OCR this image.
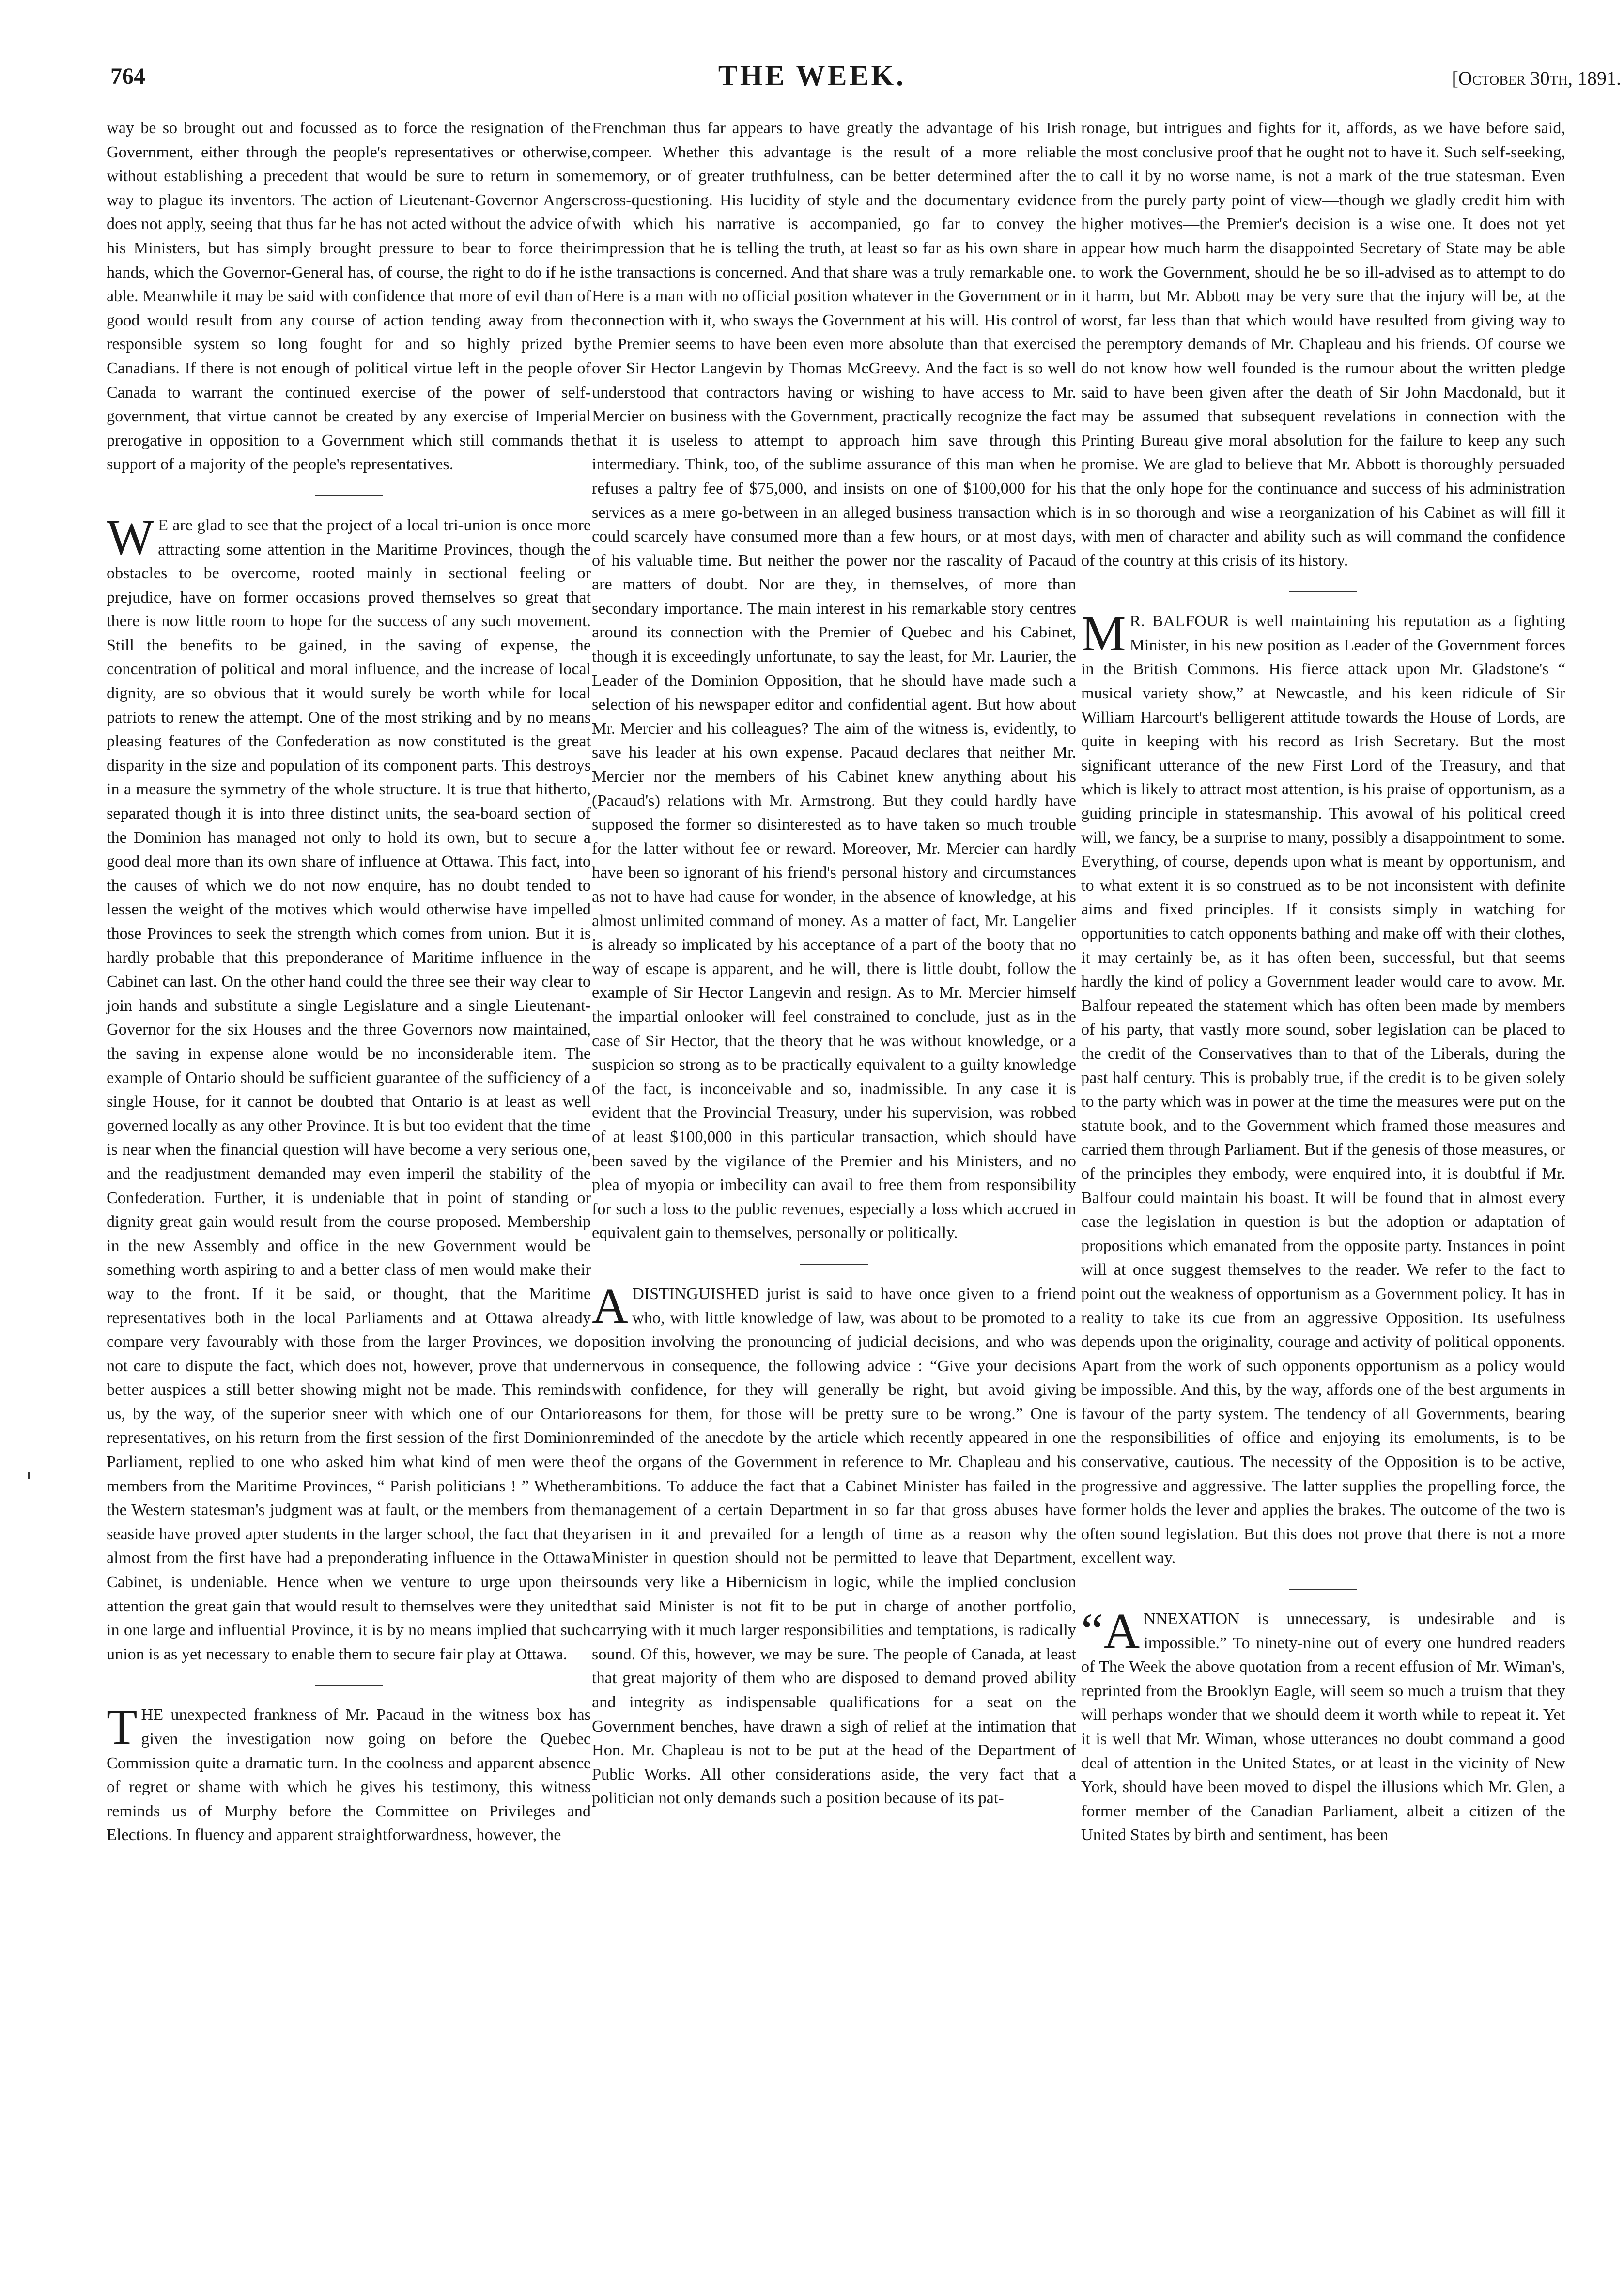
764	THE WEEK.	[October 30th, 1891.

way be so brought out and focussed as to force the resignation of the Government, either through the people's representatives or otherwise, without establishing a precedent that would be sure to return in some way to plague its inventors. The action of Lieutenant-Governor Angers does not apply, seeing that thus far he has not acted without the advice of his Ministers, but has simply brought pressure to bear to force their hands, which the Governor-General has, of course, the right to do if he is able. Meanwhile it may be said with confidence that more of evil than of good would result from any course of action tending away from the responsible system so long fought for and so highly prized by Canadians. If there is not enough of political virtue left in the people of Canada to warrant the continued exercise of the power of self-government, that virtue cannot be created by any exercise of Imperial prerogative in opposition to a Government which still commands the support of a majority of the people's representatives.

W E are glad to see that the project of a local tri-union is once more attracting some attention in the Maritime Provinces, though the obstacles to be overcome, rooted mainly in sectional feeling or prejudice, have on former occasions proved themselves so great that there is now little room to hope for the success of any such movement. Still the benefits to be gained, in the saving of expense, the concentration of political and moral influence, and the increase of local dignity, are so obvious that it would surely be worth while for local patriots to renew the attempt. One of the most striking and by no means pleasing features of the Confederation as now constituted is the great disparity in the size and population of its component parts. This destroys in a measure the symmetry of the whole structure. It is true that hitherto, separated though it is into three distinct units, the sea-board section of the Dominion has managed not only to hold its own, but to secure a good deal more than its own share of influence at Ottawa. This fact, into the causes of which we do not now enquire, has no doubt tended to lessen the weight of the motives which would otherwise have impelled those Provinces to seek the strength which comes from union. But it is hardly probable that this preponderance of Maritime influence in the Cabinet can last. On the other hand could the three see their way clear to join hands and substitute a single Legislature and a single Lieutenant-Governor for the six Houses and the three Governors now maintained, the saving in expense alone would be no inconsiderable item. The example of Ontario should be sufficient guarantee of the sufficiency of a single House, for it cannot be doubted that Ontario is at least as well governed locally as any other Province. It is but too evident that the time is near when the financial question will have become a very serious one, and the readjustment demanded may even imperil the stability of the Confederation. Further, it is undeniable that in point of standing or dignity great gain would result from the course proposed. Membership in the new Assembly and office in the new Government would be something worth aspiring to and a better class of men would make their way to the front. If it be said, or thought, that the Maritime representatives both in the local Parliaments and at Ottawa already compare very favourably with those from the larger Provinces, we do not care to dispute the fact, which does not, however, prove that under better auspices a still better showing might not be made. This reminds us, by the way, of the superior sneer with which one of our Ontario representatives, on his return from the first session of the first Dominion Parliament, replied to one who asked him what kind of men were the members from the Maritime Provinces, “ Parish politicians ! ” Whether the Western statesman's judgment was at fault, or the members from the seaside have proved apter students in the larger school, the fact that they almost from the first have had a preponderating influence in the Ottawa Cabinet, is undeniable. Hence when we venture to urge upon their attention the great gain that would result to themselves were they united in one large and influential Province, it is by no means implied that such union is as yet necessary to enable them to secure fair play at Ottawa.

THE unexpected frankness of Mr. Pacaud in the witness box has given the investigation now going on before the Quebec Commission quite a dramatic turn. In the coolness and apparent absence of regret or shame with which he gives his testimony, this witness reminds us of Murphy before the Committee on Privileges and Elections. In fluency and apparent straightforwardness, however, the

Frenchman thus far appears to have greatly the advantage of his Irish compeer. Whether this advantage is the result of a more reliable memory, or of greater truthfulness, can be better determined after the cross-questioning. His lucidity of style and the documentary evidence with which his narrative is accompanied, go far to convey the impression that he is telling the truth, at least so far as his own share in the transactions is concerned. And that share was a truly remarkable one. Here is a man with no official position whatever in the Government or in connection with it, who sways the Government at his will. His control of the Premier seems to have been even more absolute than that exercised over Sir Hector Langevin by Thomas McGreevy. And the fact is so well understood that contractors having or wishing to have access to Mr. Mercier on business with the Government, practically recognize the fact that it is useless to attempt to approach him save through this intermediary. Think, too, of the sublime assurance of this man when he refuses a paltry fee of $75,000, and insists on one of $100,000 for his services as a mere go-between in an alleged business transaction which could scarcely have consumed more than a few hours, or at most days, of his valuable time. But neither the power nor the rascality of Pacaud are matters of doubt. Nor are they, in themselves, of more than secondary importance. The main interest in his remarkable story centres around its connection with the Premier of Quebec and his Cabinet, though it is exceedingly unfortunate, to say the least, for Mr. Laurier, the Leader of the Dominion Opposition, that he should have made such a selection of his newspaper editor and confidential agent. But how about Mr. Mercier and his colleagues? The aim of the witness is, evidently, to save his leader at his own expense. Pacaud declares that neither Mr. Mercier nor the members of his Cabinet knew anything about his (Pacaud's) relations with Mr. Armstrong. But they could hardly have supposed the former so disinterested as to have taken so much trouble for the latter without fee or reward. Moreover, Mr. Mercier can hardly have been so ignorant of his friend's personal history and circumstances as not to have had cause for wonder, in the absence of knowledge, at his almost unlimited command of money. As a matter of fact, Mr. Langelier is already so implicated by his acceptance of a part of the booty that no way of escape is apparent, and he will, there is little doubt, follow the example of Sir Hector Langevin and resign. As to Mr. Mercier himself the impartial onlooker will feel constrained to conclude, just as in the case of Sir Hector, that the theory that he was without knowledge, or a suspicion so strong as to be practically equivalent to a guilty knowledge of the fact, is inconceivable and so, inadmissible. In any case it is evident that the Provincial Treasury, under his supervision, was robbed of at least $100,000 in this particular transaction, which should have been saved by the vigilance of the Premier and his Ministers, and no plea of myopia or imbecility can avail to free them from responsibility for such a loss to the public revenues, especially a loss which accrued in equivalent gain to themselves, personally or politically.

ADISTINGUISHED jurist is said to have once given to a friend who, with little knowledge of law, was about to be promoted to a position involving the pronouncing of judicial decisions, and who was nervous in consequence, the following advice : “Give your decisions with confidence, for they will generally be right, but avoid giving reasons for them, for those will be pretty sure to be wrong.” One is reminded of the anecdote by the article which recently appeared in one of the organs of the Government in reference to Mr. Chapleau and his ambitions. To adduce the fact that a Cabinet Minister has failed in the management of a certain Department in so far that gross abuses have arisen in it and prevailed for a length of time as a reason why the Minister in question should not be permitted to leave that Department, sounds very like a Hibernicism in logic, while the implied conclusion that said Minister is not fit to be put in charge of another portfolio, carrying with it much larger responsibilities and temptations, is radically sound. Of this, however, we may be sure. The people of Canada, at least that great majority of them who are disposed to demand proved ability and integrity as indispensable qualifications for a seat on the Government benches, have drawn a sigh of relief at the intimation that Hon. Mr. Chapleau is not to be put at the head of the Department of Public Works. All other considerations aside, the very fact that a politician not only demands such a position because of its pat-

ronage, but intrigues and fights for it, affords, as we have before said, the most conclusive proof that he ought not to have it. Such self-seeking, to call it by no worse name, is not a mark of the true statesman. Even from the purely party point of view—though we gladly credit him with higher motives—the Premier's decision is a wise one. It does not yet appear how much harm the disappointed Secretary of State may be able to work the Government, should he be so ill-advised as to attempt to do it harm, but Mr. Abbott may be very sure that the injury will be, at the worst, far less than that which would have resulted from giving way to the peremptory demands of Mr. Chapleau and his friends. Of course we do not know how well founded is the rumour about the written pledge said to have been given after the death of Sir John Macdonald, but it may be assumed that subsequent revelations in connection with the Printing Bureau give moral absolution for the failure to keep any such promise. We are glad to believe that Mr. Abbott is thoroughly persuaded that the only hope for the continuance and success of his administration is in so thorough and wise a reorganization of his Cabinet as will fill it with men of character and ability such as will command the confidence of the country at this crisis of its history.

M R. BALFOUR is well maintaining his reputation as a fighting Minister, in his new position as Leader of the Government forces in the British Commons. His fierce attack upon Mr. Gladstone's “ musical variety show,” at Newcastle, and his keen ridicule of Sir William Harcourt's belligerent attitude towards the House of Lords, are quite in keeping with his record as Irish Secretary. But the most significant utterance of the new First Lord of the Treasury, and that which is likely to attract most attention, is his praise of opportunism, as a guiding principle in statesmanship. This avowal of his political creed will, we fancy, be a surprise to many, possibly a disappointment to some. Everything, of course, depends upon what is meant by opportunism, and to what extent it is so construed as to be not inconsistent with definite aims and fixed principles. If it consists simply in watching for opportunities to catch opponents bathing and make off with their clothes, it may certainly be, as it has often been, successful, but that seems hardly the kind of policy a Government leader would care to avow. Mr. Balfour repeated the statement which has often been made by members of his party, that vastly more sound, sober legislation can be placed to the credit of the Conservatives than to that of the Liberals, during the past half century. This is probably true, if the credit is to be given solely to the party which was in power at the time the measures were put on the statute book, and to the Government which framed those measures and carried them through Parliament. But if the genesis of those measures, or of the principles they embody, were enquired into, it is doubtful if Mr. Balfour could maintain his boast. It will be found that in almost every case the legislation in question is but the adoption or adaptation of propositions which emanated from the opposite party. Instances in point will at once suggest themselves to the reader. We refer to the fact to point out the weakness of opportunism as a Government policy. It has in reality to take its cue from an aggressive Opposition. Its usefulness depends upon the originality, courage and activity of political opponents. Apart from the work of such opponents opportunism as a policy would be impossible. And this, by the way, affords one of the best arguments in favour of the party system. The tendency of all Governments, bearing the responsibilities of office and enjoying its emoluments, is to be conservative, cautious. The necessity of the Opposition is to be active, progressive and aggressive. The latter supplies the propelling force, the former holds the lever and applies the brakes. The outcome of the two is often sound legislation. But this does not prove that there is not a more excellent way.

“ANNEXATION is unnecessary, is undesirable and is impossible.” To ninety-nine out of every one hundred readers of The Week the above quotation from a recent effusion of Mr. Wiman's, reprinted from the Brooklyn Eagle, will seem so much a truism that they will perhaps wonder that we should deem it worth while to repeat it. Yet it is well that Mr. Wiman, whose utterances no doubt command a good deal of attention in the United States, or at least in the vicinity of New York, should have been moved to dispel the illusions which Mr. Glen, a former member of the Canadian Parliament, albeit a citizen of the United States by birth and sentiment, has been
